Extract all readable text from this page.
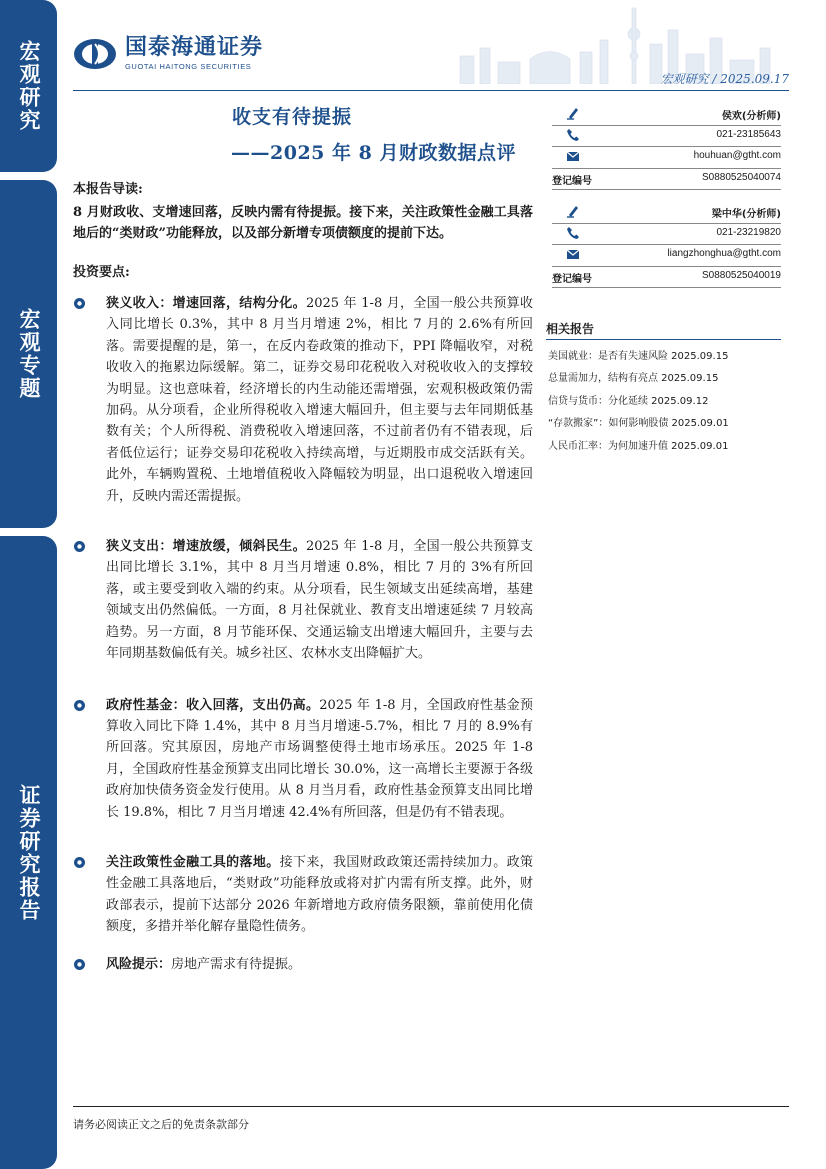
宏观研究
宏观专题
证券研究报告
国泰海通证券
GUOTAI HAITONG SECURITIES
宏观研究 / 2025.09.17
收支有待提振
——2025 年 8 月财政数据点评
本报告导读:
8 月财政收、支增速回落，反映内需有待提振。接下来，关注政策性金融工具落地后的“类财政”功能释放，以及部分新增专项债额度的提前下达。
投资要点:
狭义收入：增速回落，结构分化。2025 年 1-8 月，全国一般公共预算收入同比增长 0.3%，其中 8 月当月增速 2%，相比 7 月的 2.6%有所回落。需要提醒的是，第一，在反内卷政策的推动下，PPI 降幅收窄，对税收收入的拖累边际缓解。第二，证券交易印花税收入对税收收入的支撑较为明显。这也意味着，经济增长的内生动能还需增强，宏观积极政策仍需加码。从分项看，企业所得税收入增速大幅回升，但主要与去年同期低基数有关；个人所得税、消费税收入增速回落，不过前者仍有不错表现，后者低位运行；证券交易印花税收入持续高增，与近期股市成交活跃有关。此外，车辆购置税、土地增值税收入降幅较为明显，出口退税收入增速回升，反映内需还需提振。
狭义支出：增速放缓，倾斜民生。2025 年 1-8 月，全国一般公共预算支出同比增长 3.1%，其中 8 月当月增速 0.8%，相比 7 月的 3%有所回落，或主要受到收入端的约束。从分项看，民生领域支出延续高增，基建领域支出仍然偏低。一方面，8 月社保就业、教育支出增速延续 7 月较高趋势。另一方面，8 月节能环保、交通运输支出增速大幅回升，主要与去年同期基数偏低有关。城乡社区、农林水支出降幅扩大。
政府性基金：收入回落，支出仍高。2025 年 1-8 月，全国政府性基金预算收入同比下降 1.4%，其中 8 月当月增速-5.7%，相比 7 月的 8.9%有所回落。究其原因，房地产市场调整使得土地市场承压。2025 年 1-8 月，全国政府性基金预算支出同比增长 30.0%，这一高增长主要源于各级政府加快债务资金发行使用。从 8 月当月看，政府性基金预算支出同比增长 19.8%，相比 7 月当月增速 42.4%有所回落，但是仍有不错表现。
关注政策性金融工具的落地。接下来，我国财政政策还需持续加力。政策性金融工具落地后，“类财政”功能释放或将对扩内需有所支撑。此外，财政部表示，提前下达部分 2026 年新增地方政府债务限额，靠前使用化债额度，多措并举化解存量隐性债务。
风险提示：房地产需求有待提振。
侯欢(分析师)
021-23185643
houhuan@gtht.com
登记编号	S0880525040074
梁中华(分析师)
021-23219820
liangzhonghua@gtht.com
登记编号	S0880525040019
相关报告
美国就业：是否有失速风险 2025.09.15
总量需加力，结构有亮点 2025.09.15
信贷与货币：分化延续 2025.09.12
“存款搬家”：如何影响股债 2025.09.01
人民币汇率：为何加速升值 2025.09.01
请务必阅读正文之后的免责条款部分
